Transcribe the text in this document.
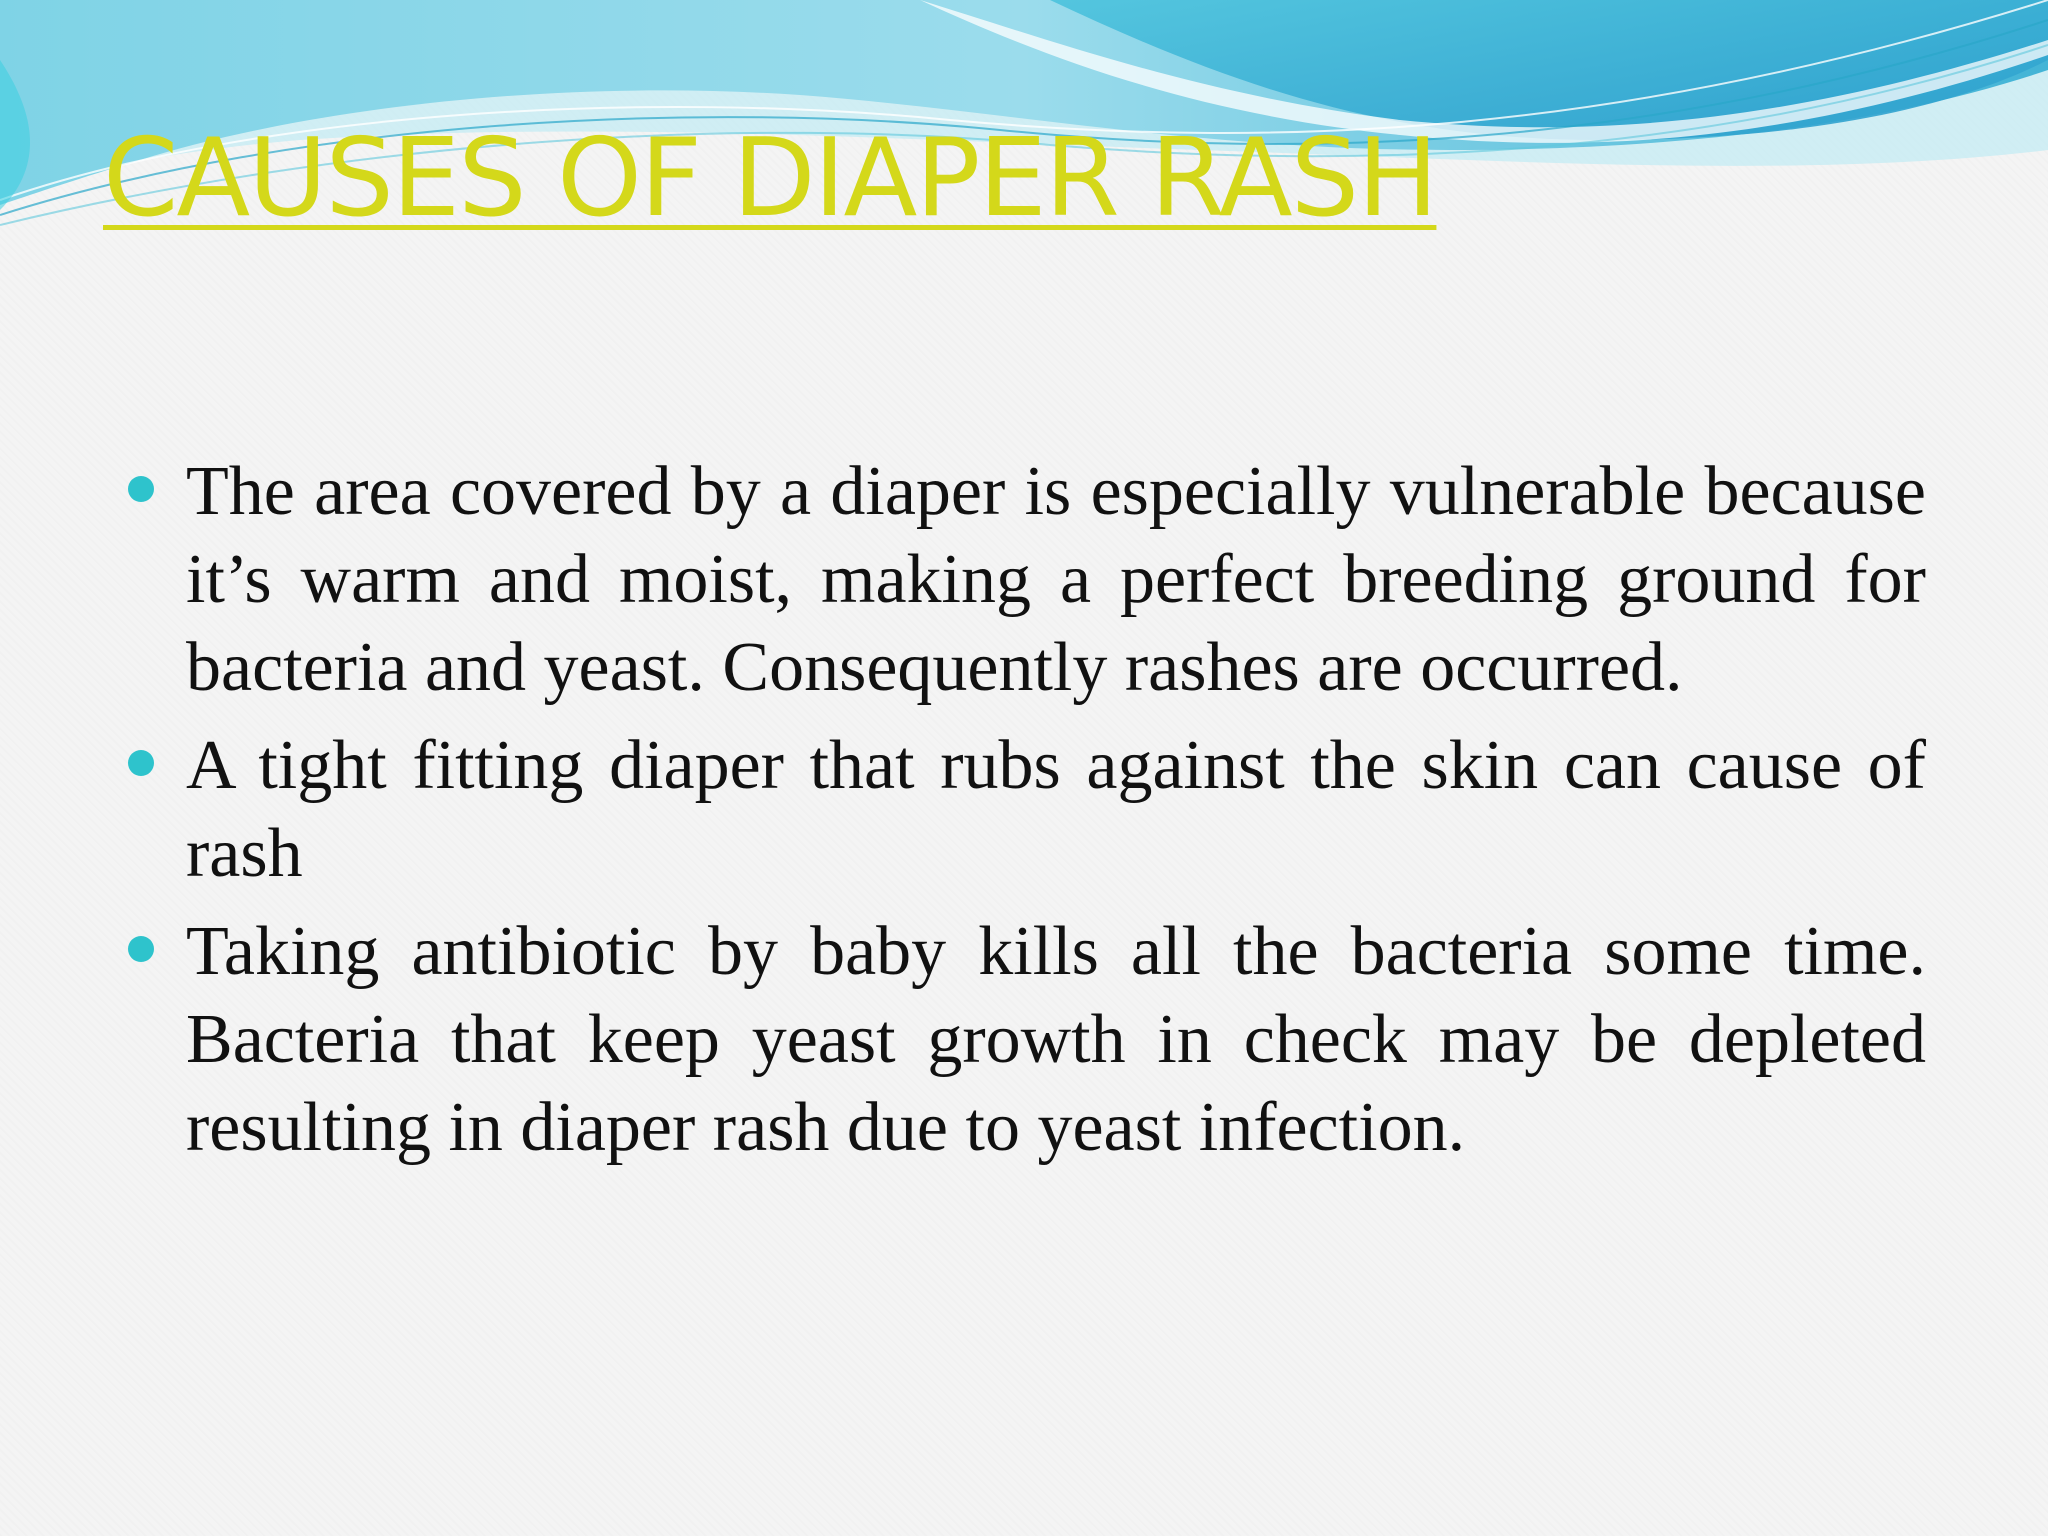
CAUSES OF DIAPER RASH
The area covered by a diaper is especially vulnerable because it’s warm and moist, making a perfect breeding ground for bacteria and yeast. Consequently rashes are occurred.
A tight fitting diaper that rubs against the skin can cause of rash
Taking antibiotic by baby kills all the bacteria some time. Bacteria that keep yeast growth in check may be depleted resulting in diaper rash due to yeast infection.
